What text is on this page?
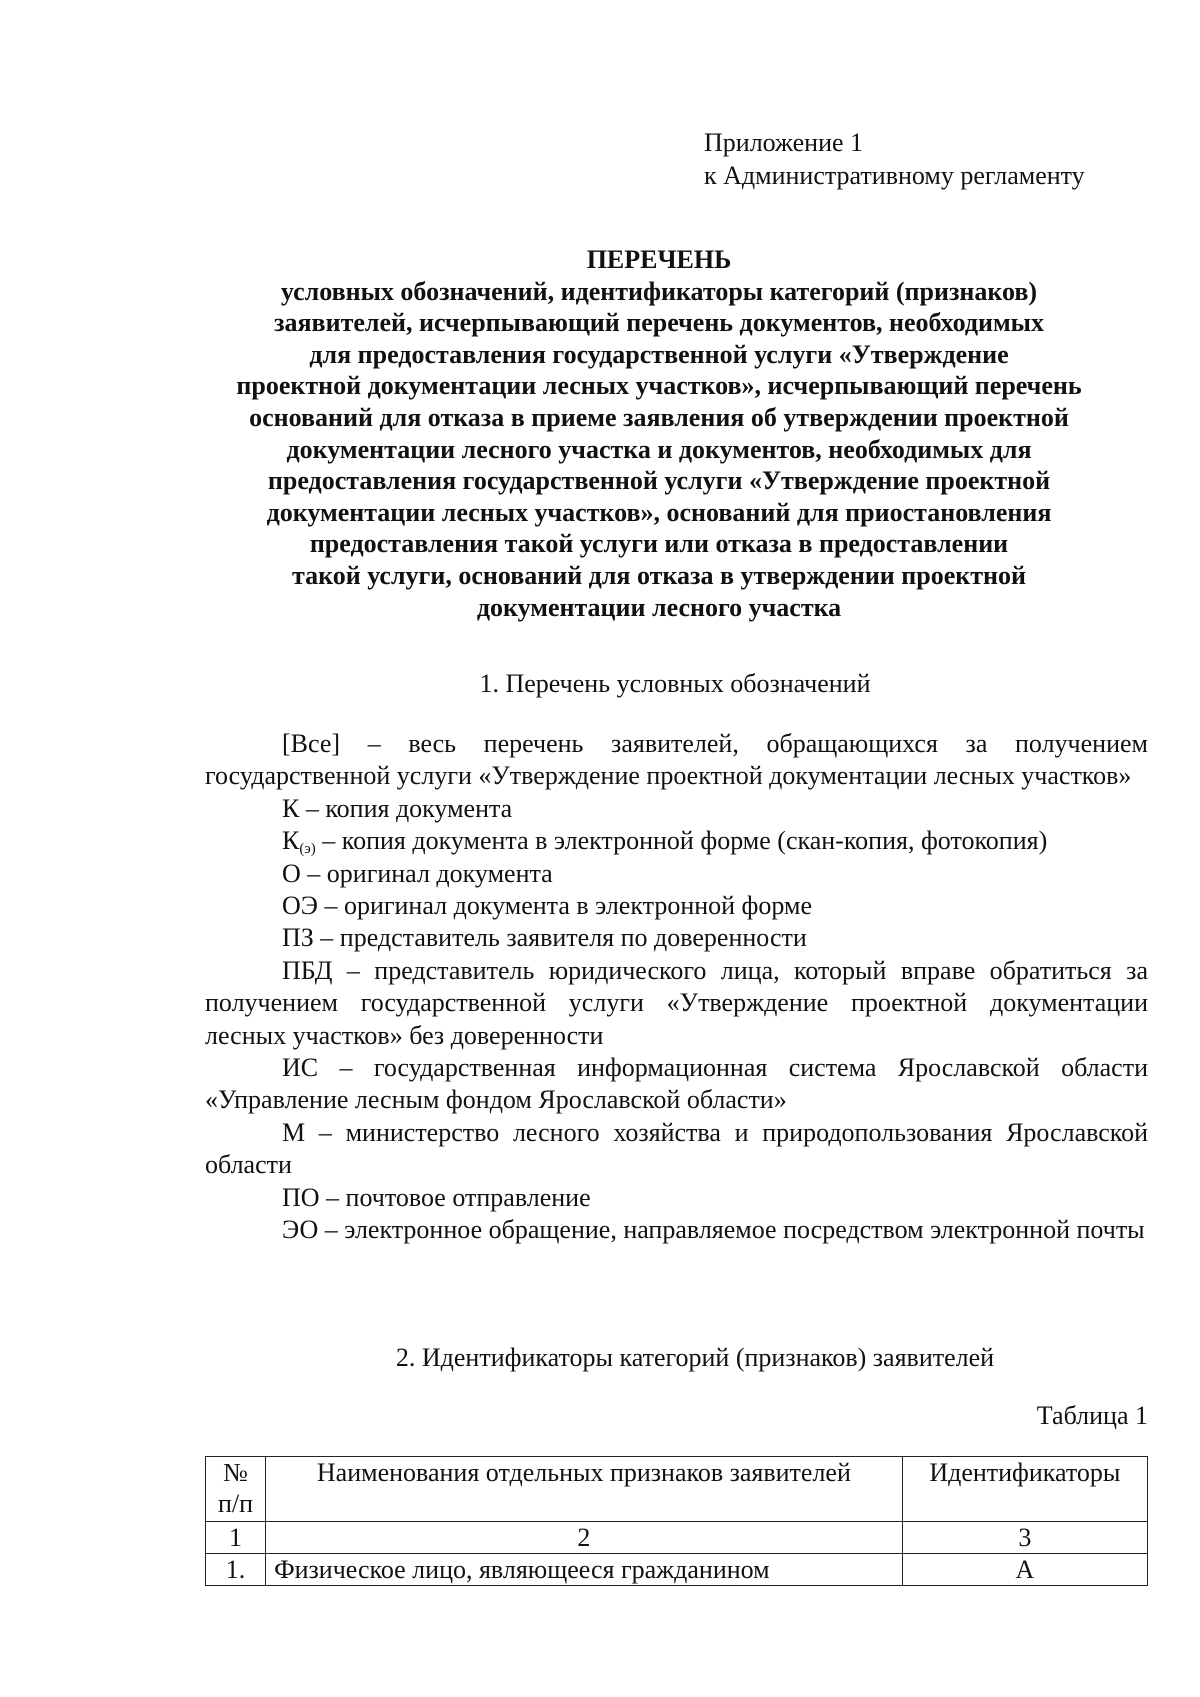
Приложение 1
к Административному регламенту
ПЕРЕЧЕНЬ
условных обозначений, идентификаторы категорий (признаков)
заявителей, исчерпывающий перечень документов, необходимых
для предоставления государственной услуги «Утверждение
проектной документации лесных участков», исчерпывающий перечень
оснований для отказа в приеме заявления об утверждении проектной
документации лесного участка и документов, необходимых для
предоставления государственной услуги «Утверждение проектной
документации лесных участков», оснований для приостановления
предоставления такой услуги или отказа в предоставлении
такой услуги, оснований для отказа в утверждении проектной
документации лесного участка
1. Перечень условных обозначений

[Все] – весь перечень заявителей, обращающихся за получением государственной услуги «Утверждение проектной документации лесных участков»

К – копия документа

$К_{(э)}$ – копия документа в электронной форме (скан-копия, фотокопия)

О – оригинал документа

ОЭ – оригинал документа в электронной форме

ПЗ – представитель заявителя по доверенности

ПБД – представитель юридического лица, который вправе обратиться за получением государственной услуги «Утверждение проектной документации лесных участков» без доверенности

ИС – государственная информационная система Ярославской области «Управление лесным фондом Ярославской области»

М – министерство лесного хозяйства и природопользования Ярославской области

ПО – почтовое отправление

ЭО – электронное обращение, направляемое посредством электронной почты

2. Идентификаторы категорий (признаков) заявителей
Таблица 1
№
п/п	Наименования отдельных признаков заявителей	Идентификаторы
1	2	3
1.	Физическое лицо, являющееся гражданином	А
